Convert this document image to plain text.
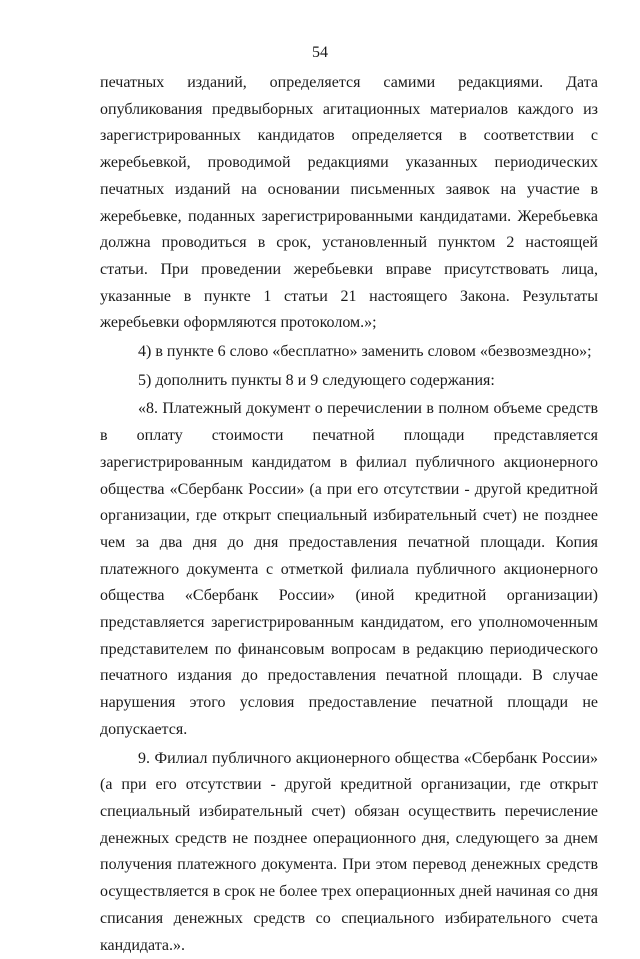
54

печатных изданий, определяется самими редакциями. Дата опубликования предвыборных агитационных материалов каждого из зарегистрированных кандидатов определяется в соответствии с жеребьевкой, проводимой редакциями указанных периодических печатных изданий на основании письменных заявок на участие в жеребьевке, поданных зарегистрированными кандидатами. Жеребьевка должна проводиться в срок, установленный пунктом 2 настоящей статьи. При проведении жеребьевки вправе присутствовать лица, указанные в пункте 1 статьи 21 настоящего Закона. Результаты жеребьевки оформляются протоколом.»;

4) в пункте 6 слово «бесплатно» заменить словом «безвозмездно»;

5) дополнить пункты 8 и 9 следующего содержания:

«8. Платежный документ о перечислении в полном объеме средств в оплату стоимости печатной площади представляется зарегистрированным кандидатом в филиал публичного акционерного общества «Сбербанк России» (а при его отсутствии - другой кредитной организации, где открыт специальный избирательный счет) не позднее чем за два дня до дня предоставления печатной площади. Копия платежного документа с отметкой филиала публичного акционерного общества «Сбербанк России» (иной кредитной организации) представляется зарегистрированным кандидатом, его уполномоченным представителем по финансовым вопросам в редакцию периодического печатного издания до предоставления печатной площади. В случае нарушения этого условия предоставление печатной площади не допускается.

9. Филиал публичного акционерного общества «Сбербанк России» (а при его отсутствии - другой кредитной организации, где открыт специальный избирательный счет) обязан осуществить перечисление денежных средств не позднее операционного дня, следующего за днем получения платежного документа. При этом перевод денежных средств осуществляется в срок не более трех операционных дней начиная со дня списания денежных средств со специального избирательного счета кандидата.».
